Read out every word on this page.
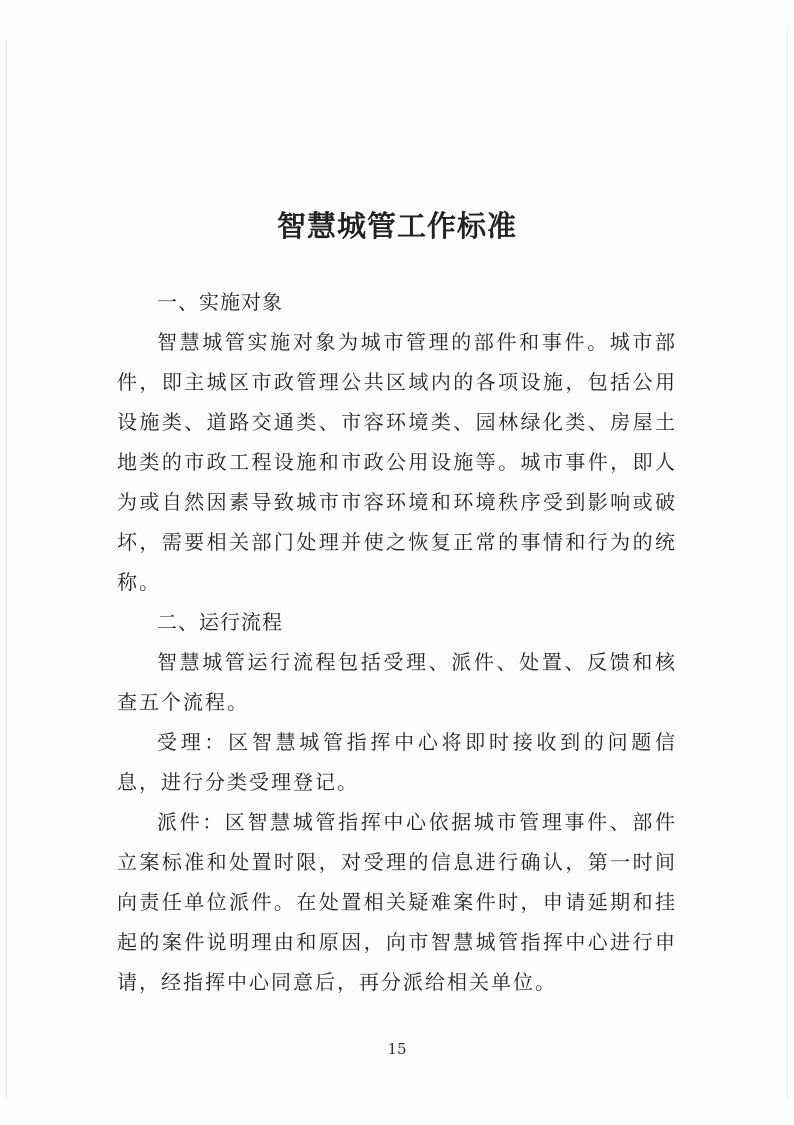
智慧城管工作标准
一、实施对象

智慧城管实施对象为城市管理的部件和事件。城市部件，即主城区市政管理公共区域内的各项设施，包括公用设施类、道路交通类、市容环境类、园林绿化类、房屋土地类的市政工程设施和市政公用设施等。城市事件，即人为或自然因素导致城市市容环境和环境秩序受到影响或破坏，需要相关部门处理并使之恢复正常的事情和行为的统称。

二、运行流程

智慧城管运行流程包括受理、派件、处置、反馈和核查五个流程。

受理：区智慧城管指挥中心将即时接收到的问题信息，进行分类受理登记。

派件：区智慧城管指挥中心依据城市管理事件、部件立案标准和处置时限，对受理的信息进行确认，第一时间向责任单位派件。在处置相关疑难案件时，申请延期和挂起的案件说明理由和原因，向市智慧城管指挥中心进行申请，经指挥中心同意后，再分派给相关单位。

15
